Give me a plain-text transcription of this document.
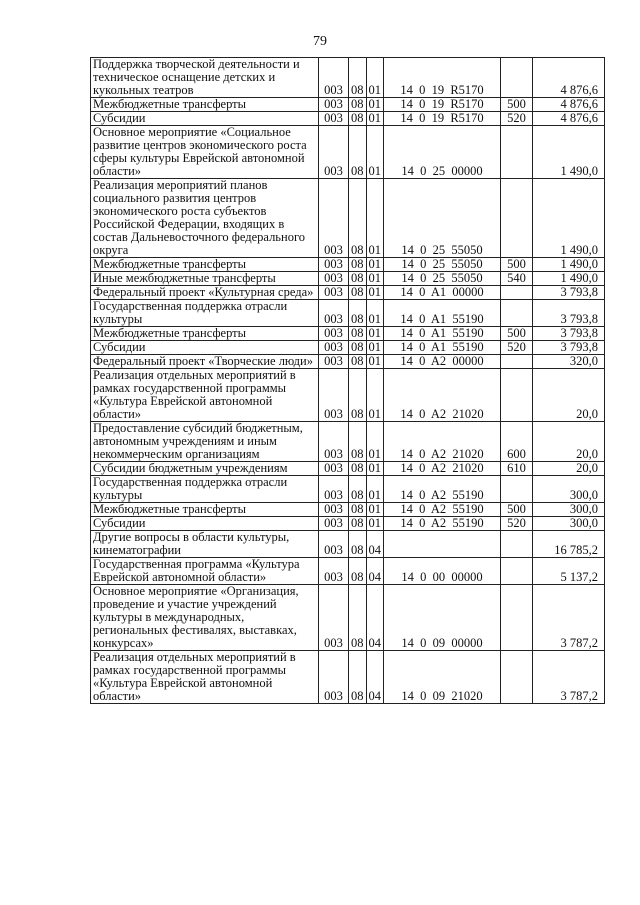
79
Поддержка творческой деятельности и техническое оснащение детских и кукольных театров	003	08	01	14  0  19  R5170		4 876,6
Межбюджетные трансферты	003	08	01	14  0  19  R5170	500	4 876,6
Субсидии	003	08	01	14  0  19  R5170	520	4 876,6
Основное мероприятие «Социальное развитие центров экономического роста сферы культуры Еврейской автономной области»	003	08	01	14  0  25  00000		1 490,0
Реализация мероприятий планов социального развития центров экономического роста субъектов Российской Федерации, входящих в состав Дальневосточного федерального округа	003	08	01	14  0  25  55050		1 490,0
Межбюджетные трансферты	003	08	01	14  0  25  55050	500	1 490,0
Иные межбюджетные трансферты	003	08	01	14  0  25  55050	540	1 490,0
Федеральный проект «Культурная среда»	003	08	01	14  0  A1  00000		3 793,8
Государственная поддержка отрасли культуры	003	08	01	14  0  A1  55190		3 793,8
Межбюджетные трансферты	003	08	01	14  0  A1  55190	500	3 793,8
Субсидии	003	08	01	14  0  A1  55190	520	3 793,8
Федеральный проект «Творческие люди»	003	08	01	14  0  A2  00000		320,0
Реализация отдельных мероприятий в рамках государственной программы «Культура Еврейской автономной области»	003	08	01	14  0  A2  21020		20,0
Предоставление субсидий бюджетным, автономным учреждениям и иным некоммерческим организациям	003	08	01	14  0  A2  21020	600	20,0
Субсидии бюджетным учреждениям	003	08	01	14  0  A2  21020	610	20,0
Государственная поддержка отрасли культуры	003	08	01	14  0  A2  55190		300,0
Межбюджетные трансферты	003	08	01	14  0  A2  55190	500	300,0
Субсидии	003	08	01	14  0  A2  55190	520	300,0
Другие вопросы в области культуры, кинематографии	003	08	04			16 785,2
Государственная программа «Культура Еврейской автономной области»	003	08	04	14  0  00  00000		5 137,2
Основное мероприятие «Организация, проведение и участие учреждений культуры в международных, региональных фестивалях, выставках, конкурсах»	003	08	04	14  0  09  00000		3 787,2
Реализация отдельных мероприятий в рамках государственной программы «Культура Еврейской автономной области»	003	08	04	14  0  09  21020		3 787,2
